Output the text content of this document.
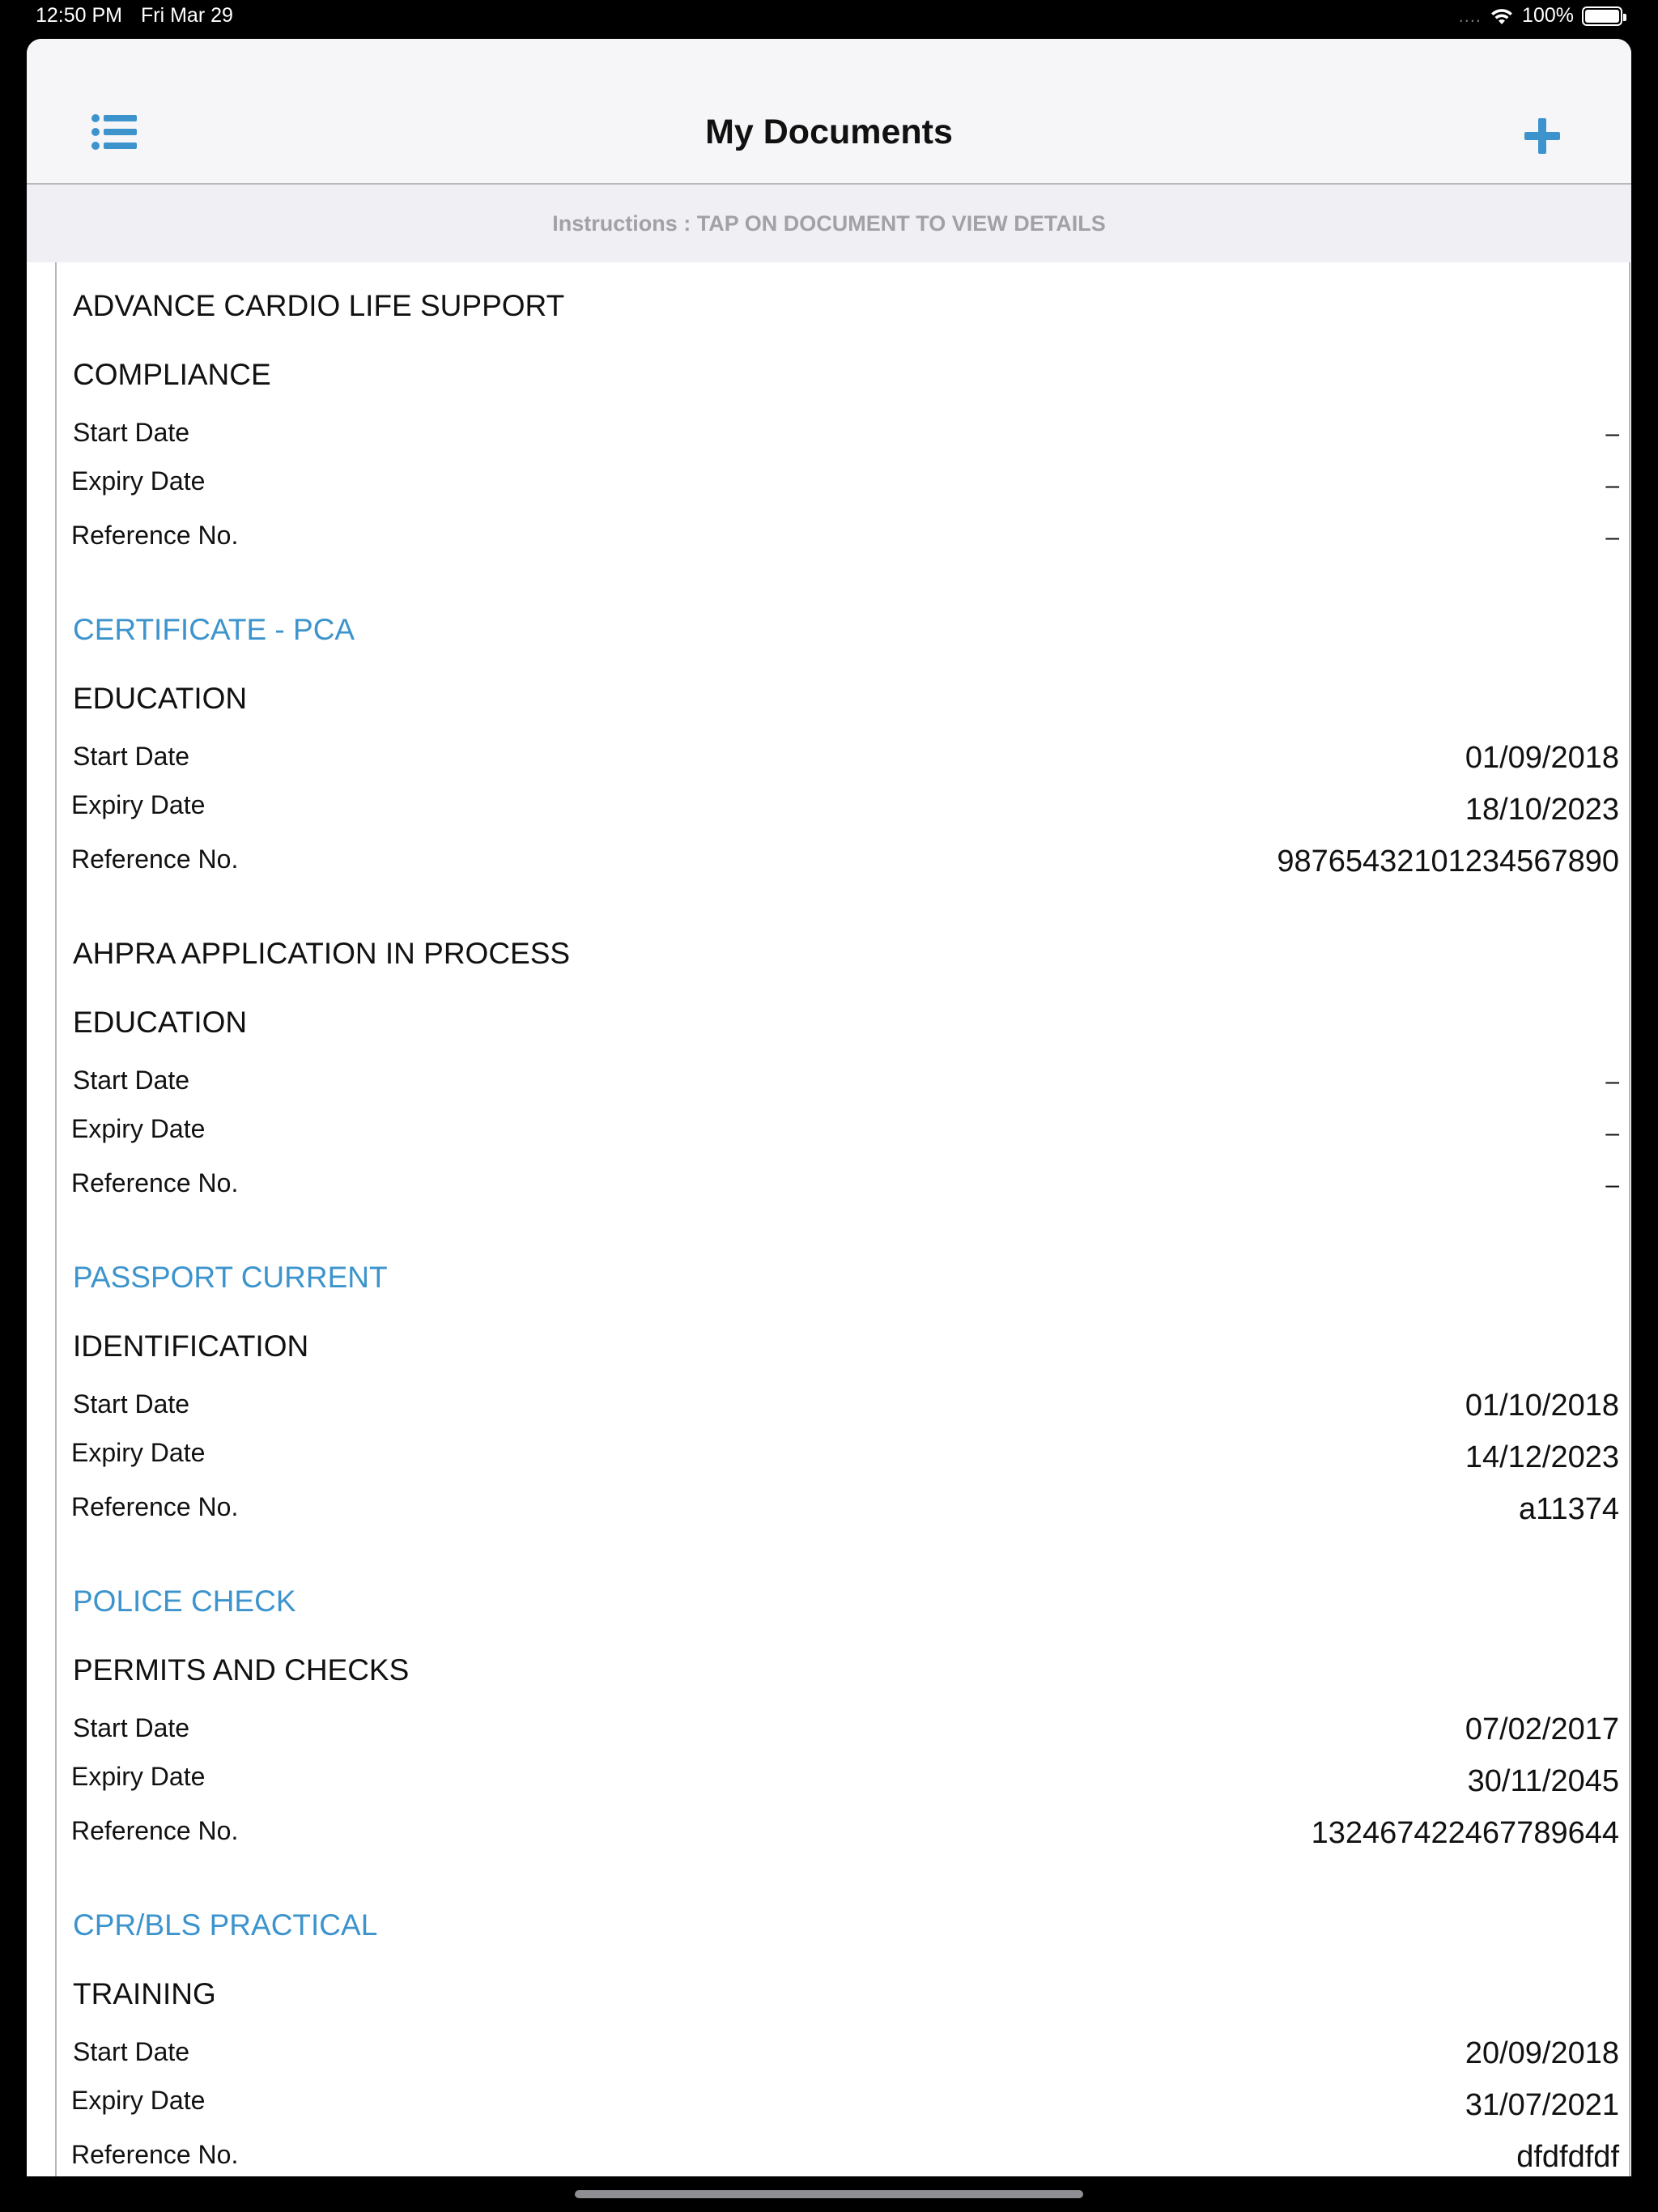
12:50 PM Fri Mar 29	.... 100%
My Documents
Instructions : TAP ON DOCUMENT TO VIEW DETAILS
ADVANCE CARDIO LIFE SUPPORT
COMPLIANCE
Start Date	–
Expiry Date	–
Reference No.	–
CERTIFICATE - PCA
EDUCATION
Start Date	01/09/2018
Expiry Date	18/10/2023
Reference No.	98765432101234567890
AHPRA APPLICATION IN PROCESS
EDUCATION
Start Date	–
Expiry Date	–
Reference No.	–
PASSPORT CURRENT
IDENTIFICATION
Start Date	01/10/2018
Expiry Date	14/12/2023
Reference No.	a11374
POLICE CHECK
PERMITS AND CHECKS
Start Date	07/02/2017
Expiry Date	30/11/2045
Reference No.	132467422467789644
CPR/BLS PRACTICAL
TRAINING
Start Date	20/09/2018
Expiry Date	31/07/2021
Reference No.	dfdfdfdf
